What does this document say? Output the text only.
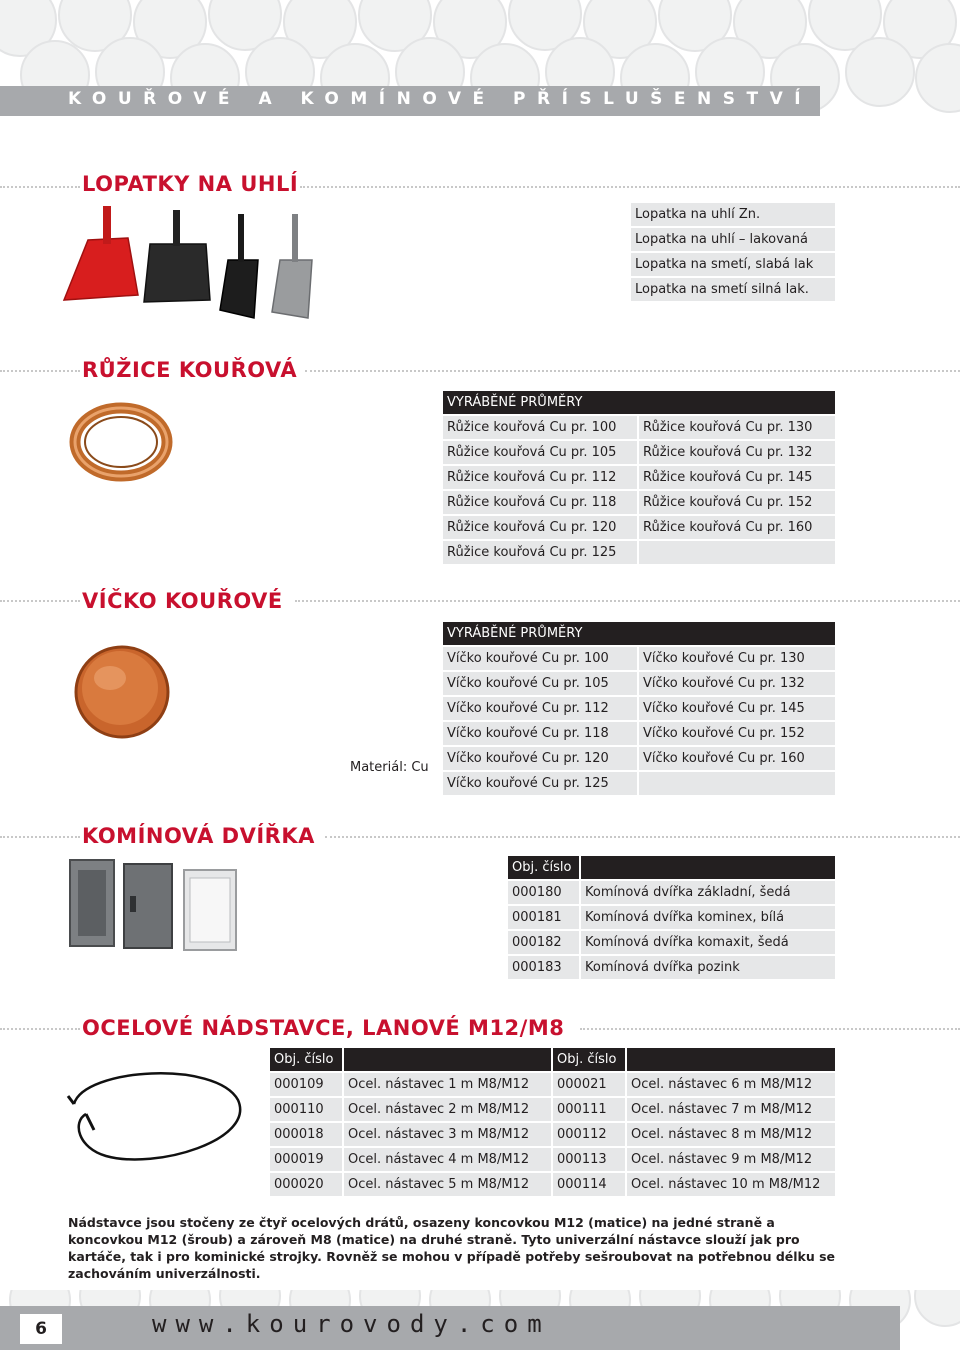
KOUŘOVÉ A KOMÍNOVÉ PŘÍSLUŠENSTVÍ
LOPATKY NA UHLÍ
Lopatka na uhlí Zn.
Lopatka na uhlí – lakovaná
Lopatka na smetí, slabá lak
Lopatka na smetí silná lak.
RŮŽICE KOUŘOVÁ
VYRÁBĚNÉ PRŮMĚRY
Růžice kouřová Cu pr. 100	Růžice kouřová Cu pr. 130
Růžice kouřová Cu pr. 105	Růžice kouřová Cu pr. 132
Růžice kouřová Cu pr. 112	Růžice kouřová Cu pr. 145
Růžice kouřová Cu pr. 118	Růžice kouřová Cu pr. 152
Růžice kouřová Cu pr. 120	Růžice kouřová Cu pr. 160
Růžice kouřová Cu pr. 125
VÍČKO KOUŘOVÉ
Materiál: Cu
VYRÁBĚNÉ PRŮMĚRY
Víčko kouřové Cu pr. 100	Víčko kouřové Cu pr. 130
Víčko kouřové Cu pr. 105	Víčko kouřové Cu pr. 132
Víčko kouřové Cu pr. 112	Víčko kouřové Cu pr. 145
Víčko kouřové Cu pr. 118	Víčko kouřové Cu pr. 152
Víčko kouřové Cu pr. 120	Víčko kouřové Cu pr. 160
Víčko kouřové Cu pr. 125
KOMÍNOVÁ DVÍŘKA
Obj. číslo
000180	Komínová dvířka základní, šedá
000181	Komínová dvířka kominex, bílá
000182	Komínová dvířka komaxit, šedá
000183	Komínová dvířka pozink
OCELOVÉ NÁDSTAVCE, LANOVÉ M12/M8
Obj. číslo	Obj. číslo
000109	Ocel. nástavec 1 m M8/M12	000021	Ocel. nástavec 6 m M8/M12
000110	Ocel. nástavec 2 m M8/M12	000111	Ocel. nástavec 7 m M8/M12
000018	Ocel. nástavec 3 m M8/M12	000112	Ocel. nástavec 8 m M8/M12
000019	Ocel. nástavec 4 m M8/M12	000113	Ocel. nástavec 9 m M8/M12
000020	Ocel. nástavec 5 m M8/M12	000114	Ocel. nástavec 10 m M8/M12
Nádstavce jsou stočeny ze čtyř ocelových drátů, osazeny koncovkou M12 (matice) na jedné straně a koncovkou M12 (šroub) a zároveň M8 (matice) na druhé straně. Tyto univerzální nástavce slouží jak pro kartáče, tak i pro kominické strojky. Rovněž se mohou v případě potřeby sešroubovat na potřebnou délku se zachováním univerzálnosti.
6	www.kourovody.com
